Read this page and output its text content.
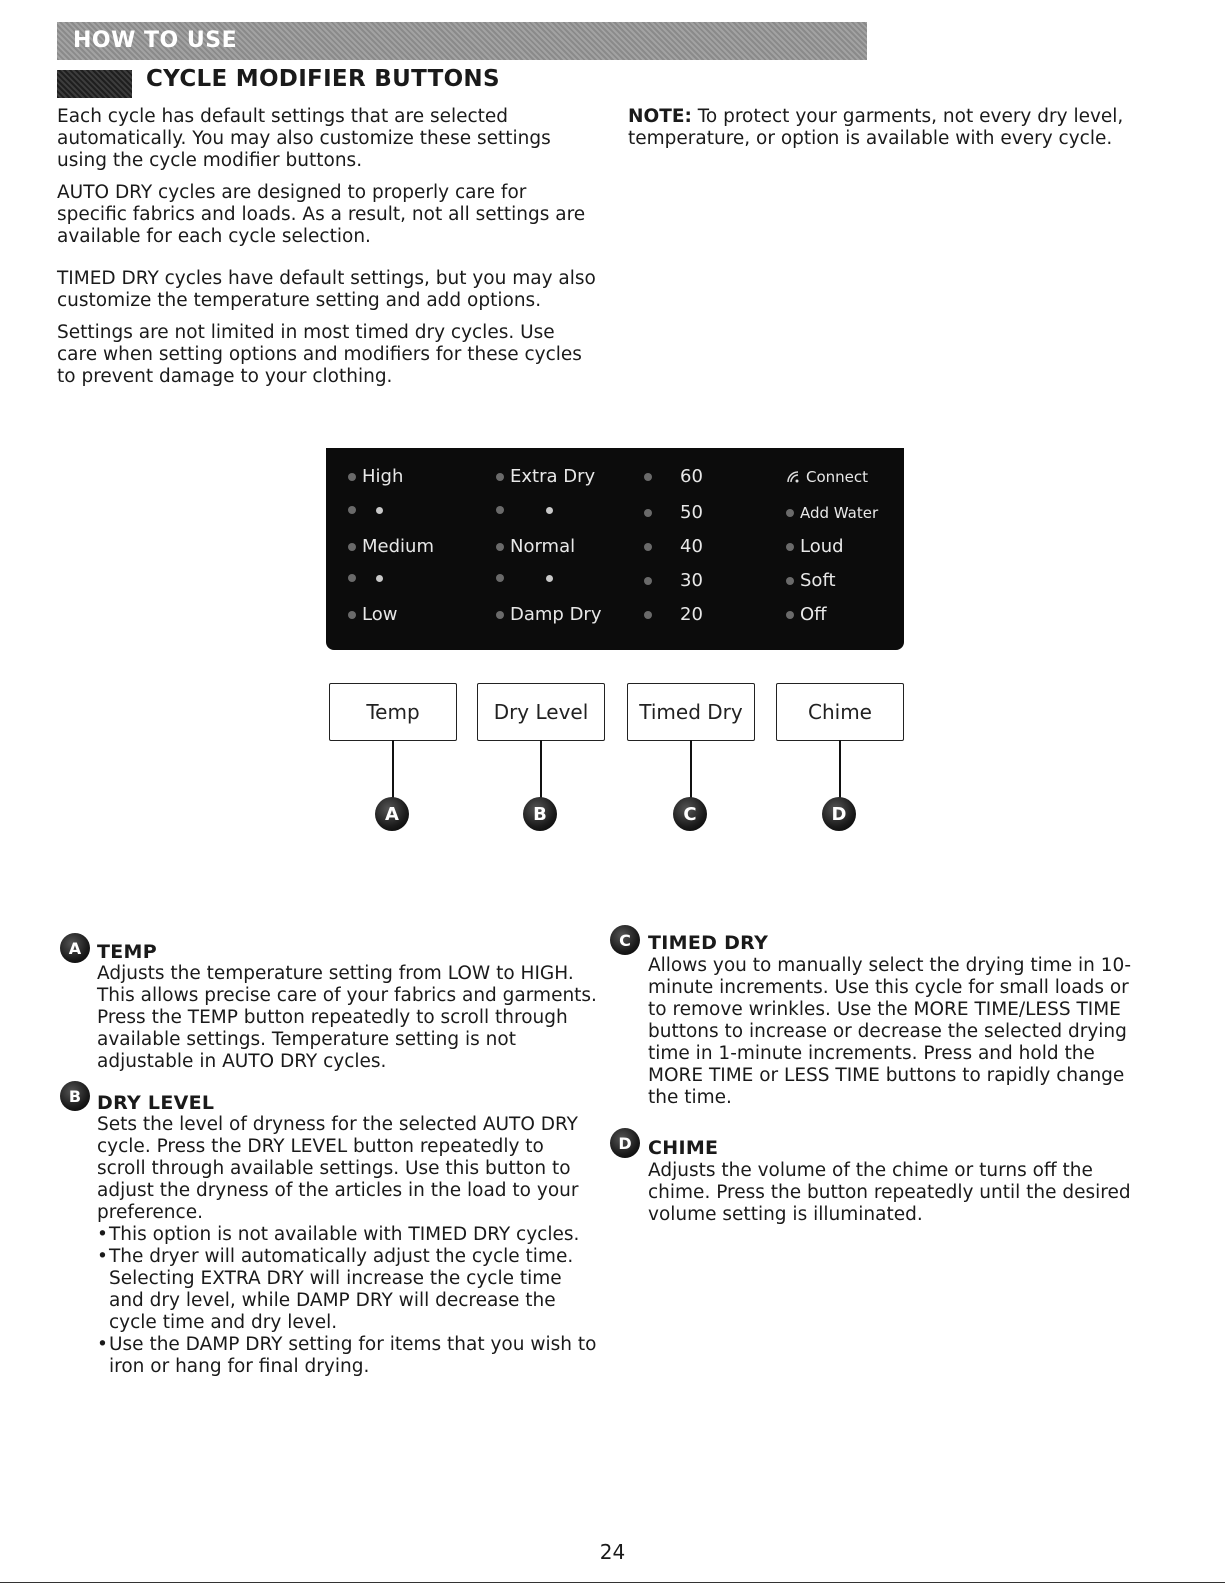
HOW TO USE
CYCLE MODIFIER BUTTONS

Each cycle has default settings that are selected automatically. You may also customize these settings using the cycle modifier buttons.

AUTO DRY cycles are designed to properly care for specific fabrics and loads. As a result, not all settings are available for each cycle selection.

TIMED DRY cycles have default settings, but you may also customize the temperature setting and add options.

Settings are not limited in most timed dry cycles. Use care when setting options and modifiers for these cycles to prevent damage to your clothing.

NOTE: To protect your garments, not every dry level, temperature, or option is available with every cycle.
High
Medium
Low
Extra Dry
Normal
Damp Dry
60
50
40
30
20
Connect
Add Water
Loud
Soft
Off
Temp	Dry Level	Timed Dry	Chime
A	B	C	D
A TEMP

Adjusts the temperature setting from LOW to HIGH. This allows precise care of your fabrics and garments. Press the TEMP button repeatedly to scroll through available settings. Temperature setting is not adjustable in AUTO DRY cycles.

B DRY LEVEL

Sets the level of dryness for the selected AUTO DRY cycle. Press the DRY LEVEL button repeatedly to scroll through available settings. Use this button to adjust the dryness of the articles in the load to your preference.

• This option is not available with TIMED DRY cycles.
• The dryer will automatically adjust the cycle time. Selecting EXTRA DRY will increase the cycle time and dry level, while DAMP DRY will decrease the cycle time and dry level.
• Use the DAMP DRY setting for items that you wish to iron or hang for final drying.
C TIMED DRY

Allows you to manually select the drying time in 10-minute increments. Use this cycle for small loads or to remove wrinkles. Use the MORE TIME/LESS TIME buttons to increase or decrease the selected drying time in 1-minute increments. Press and hold the MORE TIME or LESS TIME buttons to rapidly change the time.

D CHIME

Adjusts the volume of the chime or turns off the chime. Press the button repeatedly until the desired volume setting is illuminated.

24
